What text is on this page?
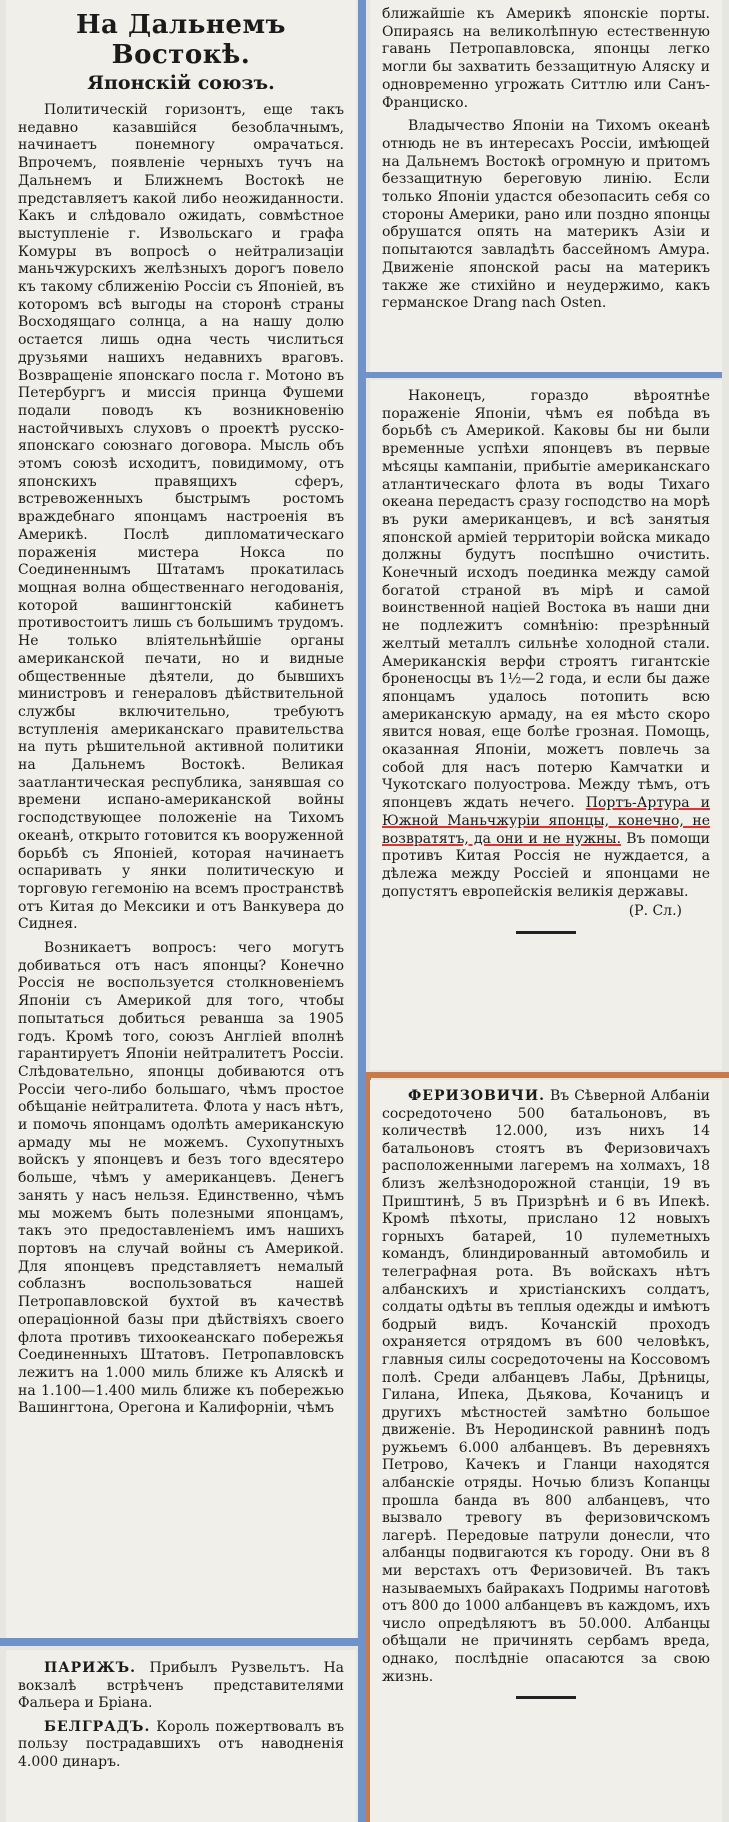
На Дальнемъ Востокѣ.
Японскій союзъ.

Политическій горизонтъ, еще такъ недавно казавшійся безоблачнымъ, начинаетъ понемногу омрачаться. Впрочемъ, появленіе черныхъ тучъ на Дальнемъ и Ближнемъ Востокѣ не представляетъ какой либо неожиданности. Какъ и слѣдовало ожидать, совмѣстное выступленіе г. Извольскаго и графа Комуры въ вопросѣ о нейтрализаціи маньчжурскихъ желѣзныхъ дорогъ повело къ такому сближенію Россіи съ Японіей, въ которомъ всѣ выгоды на сторонѣ страны Восходящаго солнца, а на нашу долю остается лишь одна честь числиться друзьями нашихъ недавнихъ враговъ. Возвращеніе японскаго посла г. Мотоно въ Петербургъ и миссія принца Фушеми подали поводъ къ возникновенію настойчивыхъ слуховъ о проектѣ русско-японскаго союзнаго договора. Мысль объ этомъ союзѣ исходитъ, повидимому, отъ японскихъ правящихъ сферъ, встревоженныхъ быстрымъ ростомъ враждебнаго японцамъ настроенія въ Америкѣ. Послѣ дипломатическаго пораженія мистера Нокса по Соединеннымъ Штатамъ прокатилась мощная волна общественнаго негодованія, которой вашингтонскій кабинетъ противостоитъ лишь съ большимъ трудомъ. Не только вліятельнѣйшіе органы американской печати, но и видные общественные дѣятели, до бывшихъ министровъ и генераловъ дѣйствительной службы включительно, требуютъ вступленія американскаго правительства на путь рѣшительной активной политики на Дальнемъ Востокѣ. Великая заатлантическая республика, занявшая со времени испано-американской войны господствующее положеніе на Тихомъ океанѣ, открыто готовится къ вооруженной борьбѣ съ Японіей, которая начинаетъ оспаривать у янки политическую и торговую гегемонію на всемъ пространствѣ отъ Китая до Мексики и отъ Ванкувера до Сиднея.

Возникаетъ вопросъ: чего могутъ добиваться отъ насъ японцы? Конечно Россія не воспользуется столкновеніемъ Японіи съ Америкой для того, чтобы попытаться добиться реванша за 1905 годъ. Кромѣ того, союзъ Англіей вполнѣ гарантируетъ Японіи нейтралитетъ Россіи. Слѣдовательно, японцы добиваются отъ Россіи чего-либо большаго, чѣмъ простое обѣщаніе нейтралитета. Флота у насъ нѣтъ, и помочь японцамъ одолѣть американскую армаду мы не можемъ. Сухопутныхъ войскъ у японцевъ и безъ того вдесятеро больше, чѣмъ у американцевъ. Денегъ занять у насъ нельзя. Единственно, чѣмъ мы можемъ быть полезными японцамъ, такъ это предоставленіемъ имъ нашихъ портовъ на случай войны съ Америкой. Для японцевъ представляетъ немалый соблазнъ воспользоваться нашей Петропавловской бухтой въ качествѣ операціонной базы при дѣйствіяхъ своего флота противъ тихоокеанскаго побережья Соединенныхъ Штатовъ. Петропавловскъ лежитъ на 1.000 миль ближе къ Аляскѣ и на 1.100—1.400 миль ближе къ побережью Вашингтона, Орегона и Калифорніи, чѣмъ

ближайшіе къ Америкѣ японскіе порты. Опираясь на великолѣпную естественную гавань Петропавловска, японцы легко могли бы захватить беззащитную Аляску и одновременно угрожать Ситтлю или Санъ-Франциско.

Владычество Японіи на Тихомъ океанѣ отнюдь не въ интересахъ Россіи, имѣющей на Дальнемъ Востокѣ огромную и притомъ беззащитную береговую линію. Если только Японіи удастся обезопасить себя со стороны Америки, рано или поздно японцы обрушатся опять на материкъ Азіи и попытаются завладѣть бассейномъ Амура. Движеніе японской расы на материкъ также же стихійно и неудержимо, какъ германское Drang nach Osten.

Наконецъ, гораздо вѣроятнѣе пораженіе Японіи, чѣмъ ея побѣда въ борьбѣ съ Америкой. Каковы бы ни были временные успѣхи японцевъ въ первые мѣсяцы кампаніи, прибытіе американскаго атлантическаго флота въ воды Тихаго океана передастъ сразу господство на морѣ въ руки американцевъ, и всѣ занятыя японской арміей территоріи войска микадо должны будутъ поспѣшно очистить. Конечный исходъ поединка между самой богатой страной въ мірѣ и самой воинственной націей Востока въ наши дни не подлежитъ сомнѣнію: презрѣнный желтый металлъ сильнѣе холодной стали. Американскія верфи строятъ гигантскіе броненосцы въ 1½—2 года, и если бы даже японцамъ удалось потопить всю американскую армаду, на ея мѣсто скоро явится новая, еще болѣе грозная. Помощь, оказанная Японіи, можетъ повлечь за собой для насъ потерю Камчатки и Чукотскаго полуострова. Между тѣмъ, отъ японцевъ ждать нечего. Портъ-Артура и Южной Маньчжуріи японцы, конечно, не возвратятъ, да они и не нужны. Въ помощи противъ Китая Россія не нуждается, а дѣлежа между Россіей и японцами не допустятъ европейскія великія державы.
(Р. Сл.)

ФЕРИЗОВИЧИ. Въ Сѣверной Албаніи сосредоточено 500 батальоновъ, въ количествѣ 12.000, изъ нихъ 14 батальоновъ стоятъ въ Феризовичахъ расположенными лагеремъ на холмахъ, 18 близъ желѣзнодорожной станціи, 19 въ Приштинѣ, 5 въ Призрѣнѣ и 6 въ Ипекѣ. Кромѣ пѣхоты, прислано 12 новыхъ горныхъ батарей, 10 пулеметныхъ командъ, блиндированный автомобиль и телеграфная рота. Въ войскахъ нѣтъ албанскихъ и христіанскихъ солдатъ, солдаты одѣты въ теплыя одежды и имѣютъ бодрый видъ. Кочанскій проходъ охраняется отрядомъ въ 600 человѣкъ, главныя силы сосредоточены на Коссовомъ полѣ. Среди албанцевъ Лабы, Дрѣницы, Гилана, Ипека, Дьякова, Кочаницъ и другихъ мѣстностей замѣтно большое движеніе. Въ Неродинской равнинѣ подъ ружьемъ 6.000 албанцевъ. Въ деревняхъ Петрово, Качекъ и Гланци находятся албанскіе отряды. Ночью близъ Копанцы прошла банда въ 800 албанцевъ, что вызвало тревогу въ феризовичскомъ лагерѣ. Передовые патрули донесли, что албанцы подвигаются къ городу. Они въ 8 ми верстахъ отъ Феризовичей. Въ такъ называемыхъ байракахъ Подримы наготовѣ отъ 800 до 1000 албанцевъ въ каждомъ, ихъ число опредѣляютъ въ 50.000. Албанцы обѣщали не причинять сербамъ вреда, однако, послѣдніе опасаются за свою жизнь.

ПАРИЖЪ. Прибылъ Рузвельтъ. На вокзалѣ встрѣченъ представителями Фальера и Бріана.

БЕЛГРАДЪ. Король пожертвовалъ въ пользу пострадавшихъ отъ наводненія 4.000 динаръ.
